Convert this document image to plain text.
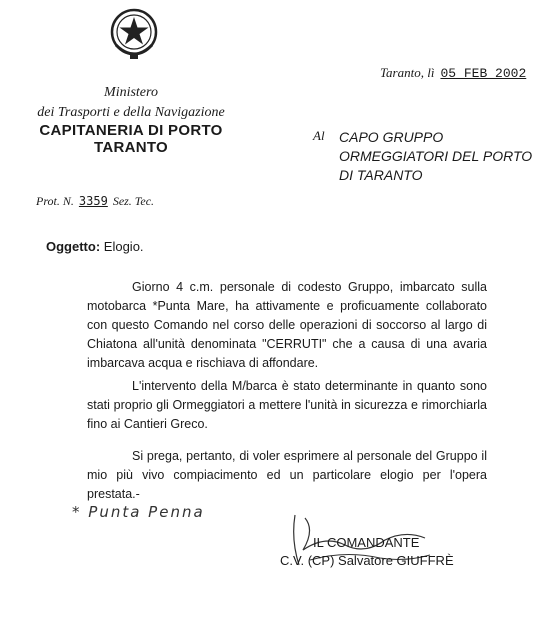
Ministero
dei Trasporti e della Navigazione
CAPITANERIA DI PORTO
TARANTO
Taranto, lì 05 FEB 2002
Al CAPO GRUPPO
ORMEGGIATORI DEL PORTO
DI TARANTO
Prot. N. 3359 Sez. Tec.
Oggetto: Elogio.
Giorno 4 c.m. personale di codesto Gruppo, imbarcato sulla motobarca *Punta Mare, ha attivamente e proficuamente collaborato con questo Comando nel corso delle operazioni di soccorso al largo di Chiatona all'unità denominata "CERRUTI" che a causa di una avaria imbarcava acqua e rischiava di affondare.
L'intervento della M/barca è stato determinante in quanto sono stati proprio gli Ormeggiatori a mettere l'unità in sicurezza e rimorchiarla fino ai Cantieri Greco.
Si prega, pertanto, di voler esprimere al personale del Gruppo il mio più vivo compiacimento ed un particolare elogio per l'opera prestata.-
* Punta Penna
IL COMANDANTE
C.V. (CP) Salvatore GIUFFRÈ
